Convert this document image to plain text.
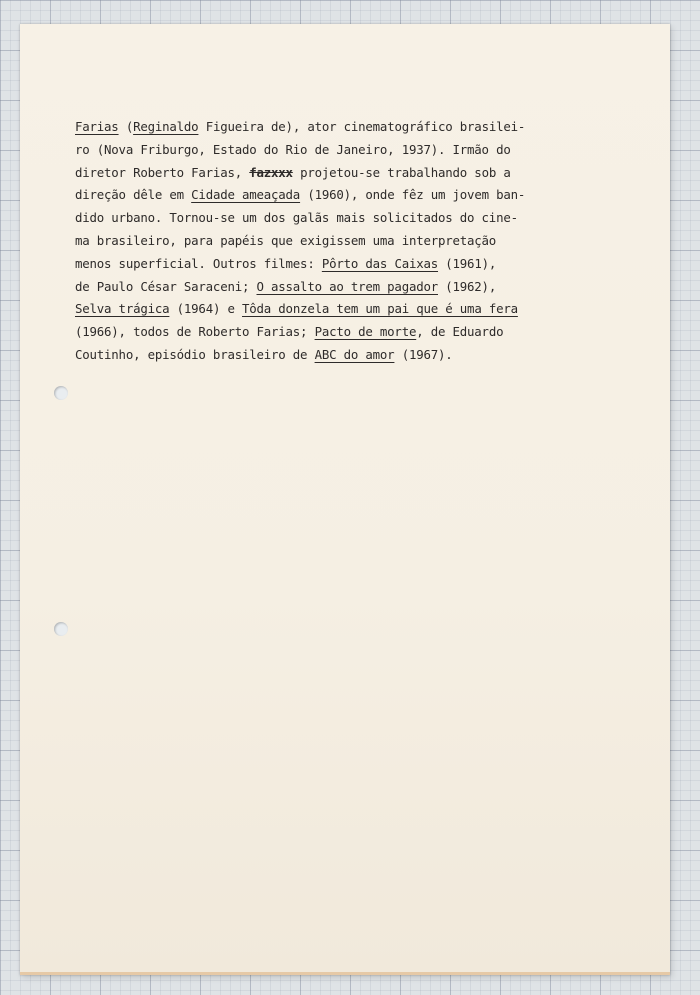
Farias (Reginaldo Figueira de), ator cinematográfico brasilei-
ro (Nova Friburgo, Estado do Rio de Janeiro, 1937). Irmão do
diretor Roberto Farias, fazxxx projetou-se trabalhando sob a
direção dêle em Cidade ameaçada (1960), onde fêz um jovem ban-
dido urbano. Tornou-se um dos galãs mais solicitados do cine-
ma brasileiro, para papéis que exigissem uma interpretação
menos superficial. Outros filmes: Pôrto das Caixas (1961),
de Paulo César Saraceni; O assalto ao trem pagador (1962),
Selva trágica (1964) e Tôda donzela tem um pai que é uma fera
(1966), todos de Roberto Farias; Pacto de morte, de Eduardo
Coutinho, episódio brasileiro de ABC do amor (1967).
